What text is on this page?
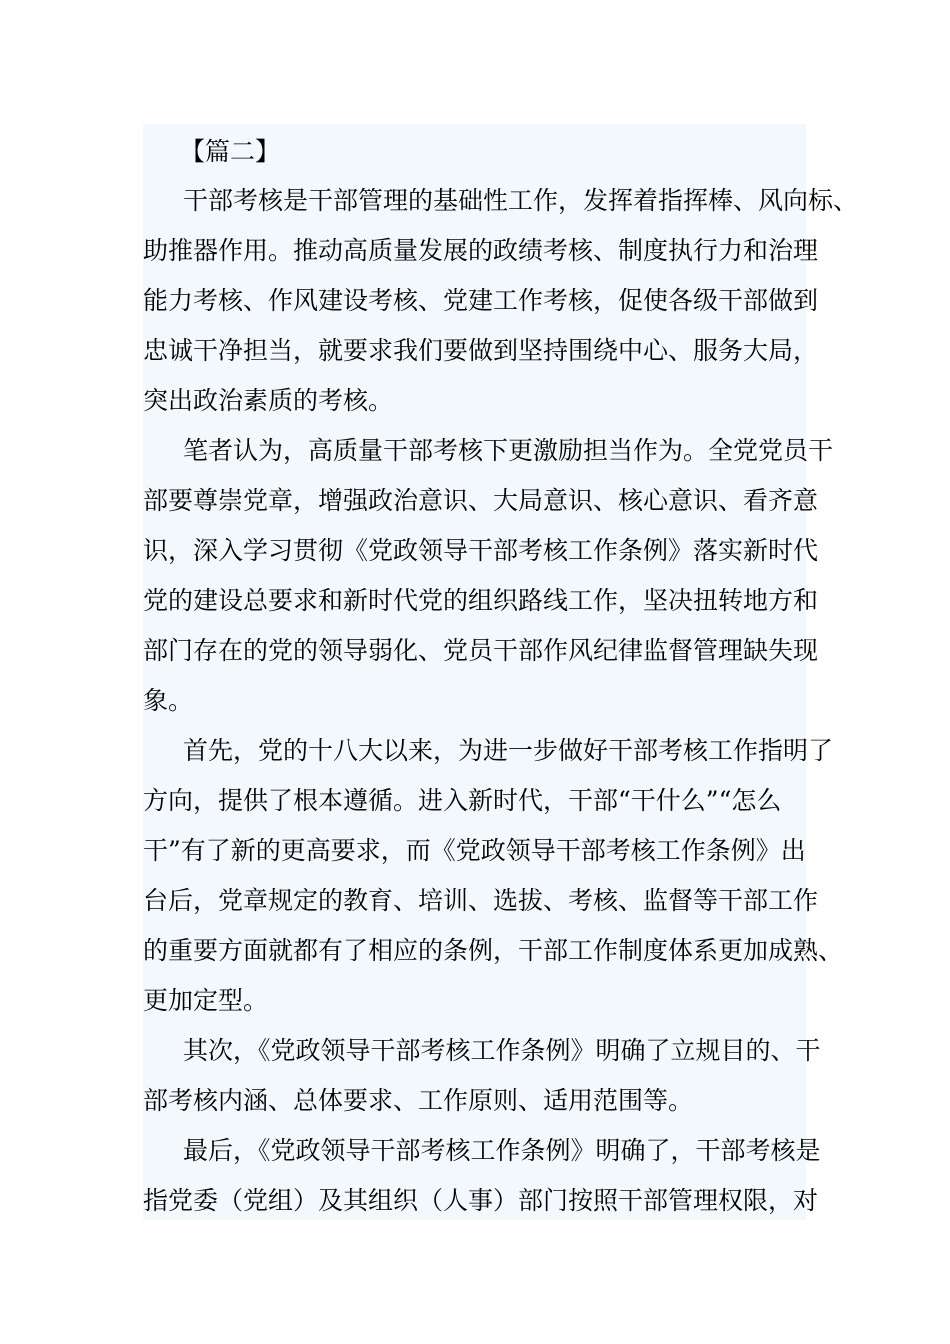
【篇二】
干部考核是干部管理的基础性工作，发挥着指挥棒、风向标、
助推器作用。推动高质量发展的政绩考核、制度执行力和治理
能力考核、作风建设考核、党建工作考核，促使各级干部做到
忠诚干净担当，就要求我们要做到坚持围绕中心、服务大局，
突出政治素质的考核。
笔者认为，高质量干部考核下更激励担当作为。全党党员干
部要尊崇党章，增强政治意识、大局意识、核心意识、看齐意
识，深入学习贯彻《党政领导干部考核工作条例》落实新时代
党的建设总要求和新时代党的组织路线工作，坚决扭转地方和
部门存在的党的领导弱化、党员干部作风纪律监督管理缺失现
象。
首先，党的十八大以来，为进一步做好干部考核工作指明了
方向，提供了根本遵循。进入新时代，干部“干什么”“怎么
干”有了新的更高要求，而《党政领导干部考核工作条例》出
台后，党章规定的教育、培训、选拔、考核、监督等干部工作
的重要方面就都有了相应的条例，干部工作制度体系更加成熟、
更加定型。
其次，《党政领导干部考核工作条例》明确了立规目的、干
部考核内涵、总体要求、工作原则、适用范围等。
最后，《党政领导干部考核工作条例》明确了，干部考核是
指党委（党组）及其组织（人事）部门按照干部管理权限，对
